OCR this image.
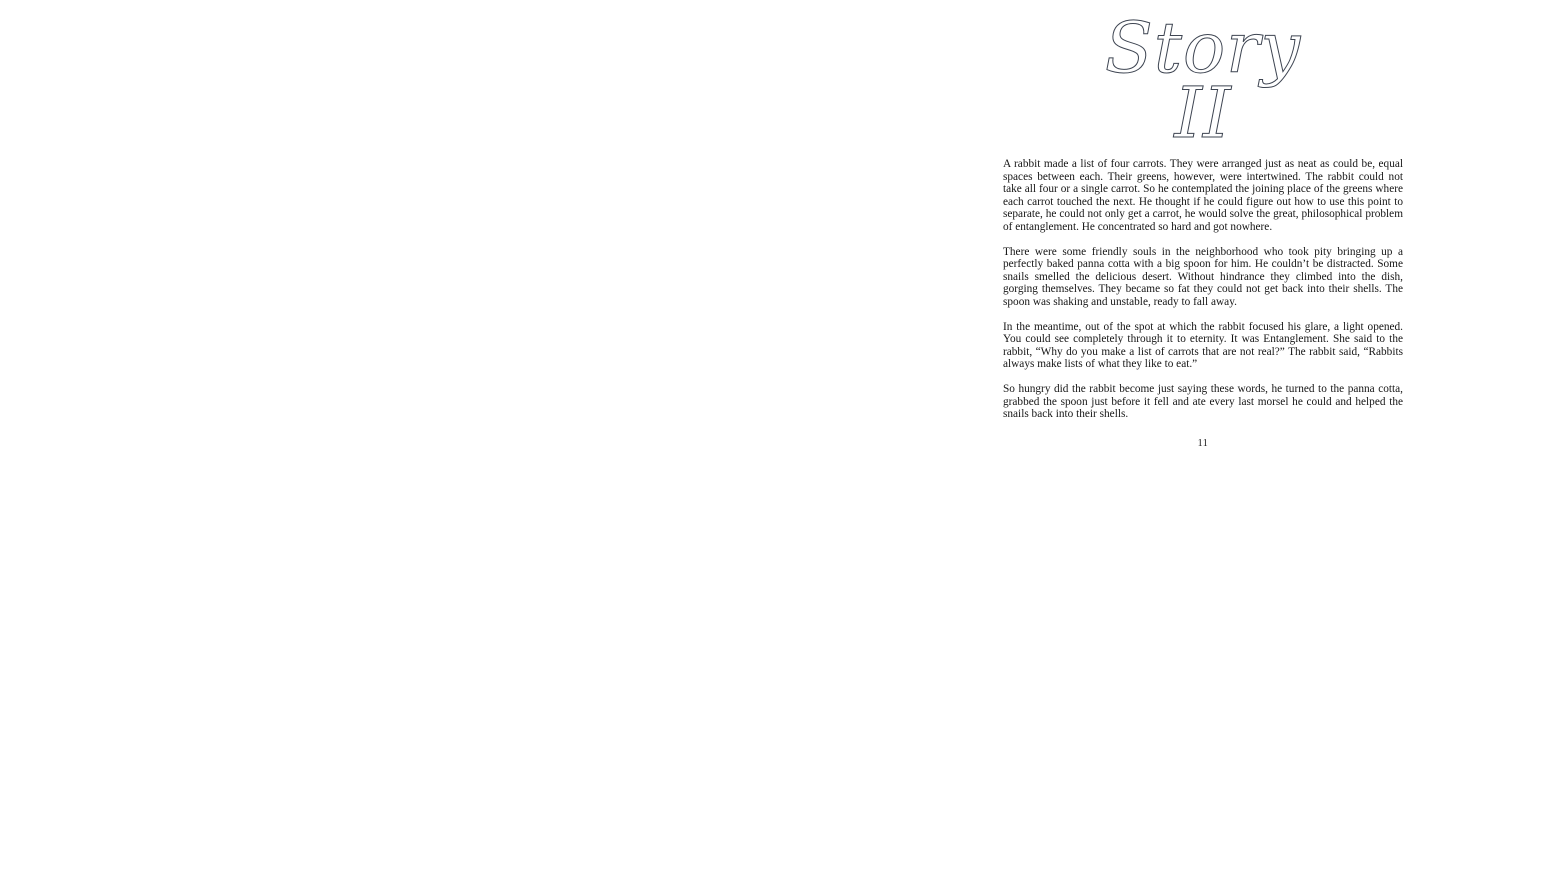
Story
II

A rabbit made a list of four carrots. They were arranged just as neat as could be, equal spaces between each. Their greens, however, were intertwined. The rabbit could not take all four or a single carrot. So he contemplated the joining place of the greens where each carrot touched the next. He thought if he could figure out how to use this point to separate, he could not only get a carrot, he would solve the great, philosophical problem of entanglement. He concentrated so hard and got nowhere.

There were some friendly souls in the neighborhood who took pity bringing up a perfectly baked panna cotta with a big spoon for him. He couldn’t be distracted. Some snails smelled the delicious desert. Without hindrance they climbed into the dish, gorging themselves. They became so fat they could not get back into their shells. The spoon was shaking and unstable, ready to fall away.

In the meantime, out of the spot at which the rabbit focused his glare, a light opened. You could see completely through it to eternity. It was Entanglement. She said to the rabbit, “Why do you make a list of carrots that are not real?” The rabbit said, “Rabbits always make lists of what they like to eat.”

So hungry did the rabbit become just saying these words, he turned to the panna cotta, grabbed the spoon just before it fell and ate every last morsel he could and helped the snails back into their shells.

11
